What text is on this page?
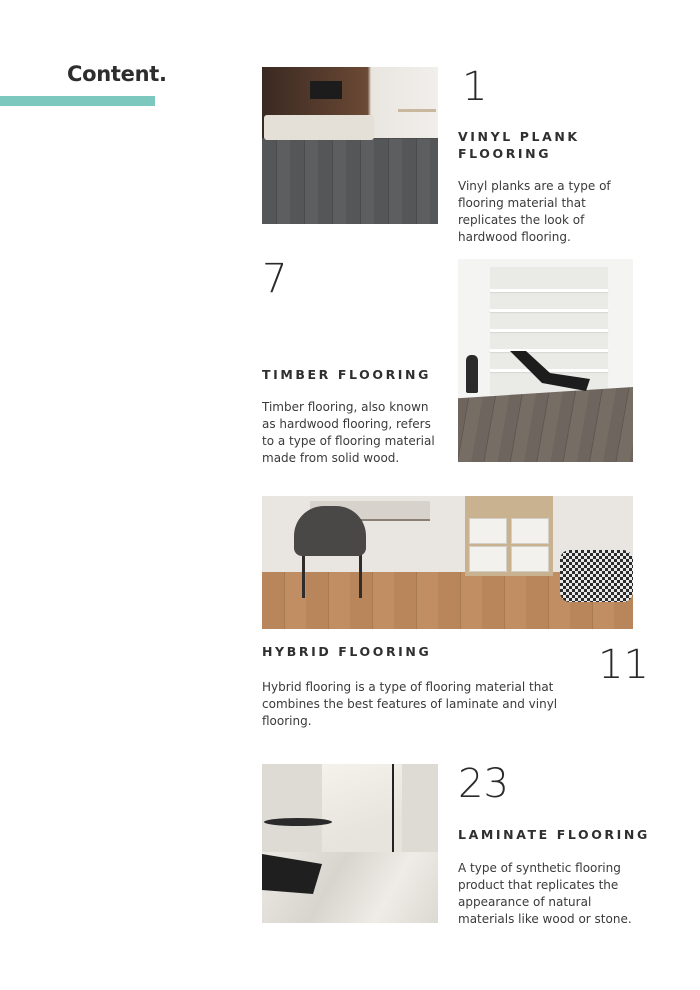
Content.	1
VINYL PLANK
FLOORING

Vinyl planks are a type of flooring material that replicates the look of hardwood flooring.

7
TIMBER FLOORING

Timber flooring, also known as hardwood flooring, refers to a type of flooring material made from solid wood.

HYBRID FLOORING	11

Hybrid flooring is a type of flooring material that combines the best features of laminate and vinyl flooring.

23
LAMINATE FLOORING

A type of synthetic flooring product that replicates the appearance of natural materials like wood or stone.
